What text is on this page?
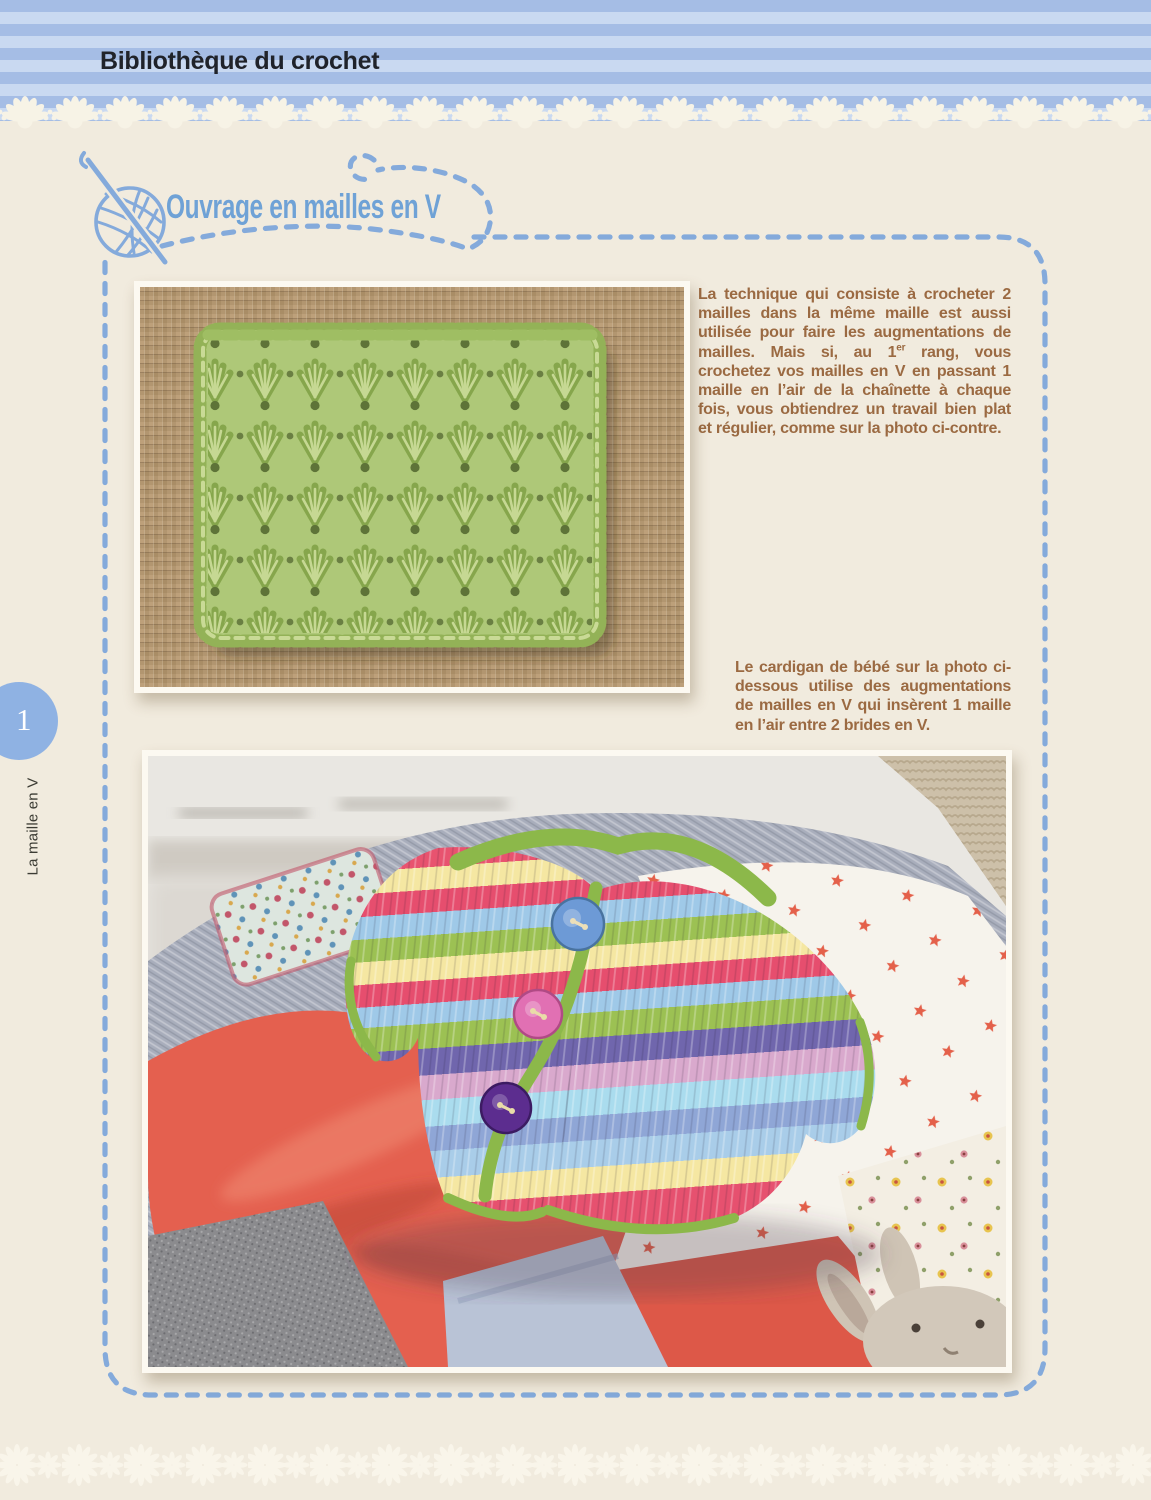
Bibliothèque du crochet
1
La maille en V
Ouvrage en mailles en V
La technique qui consiste à crocheter 2 mailles dans la même maille est aussi utilisée pour faire les augmentations de mailles. Mais si, au 1er rang, vous crochetez vos mailles en V en passant 1 maille en l’air de la chaînette à chaque fois, vous obtiendrez un travail bien plat et régulier, comme sur la photo ci-contre.
Le cardigan de bébé sur la photo ci-dessous utilise des augmentations de mailles en V qui insèrent 1 maille en l’air entre 2 brides en V.
